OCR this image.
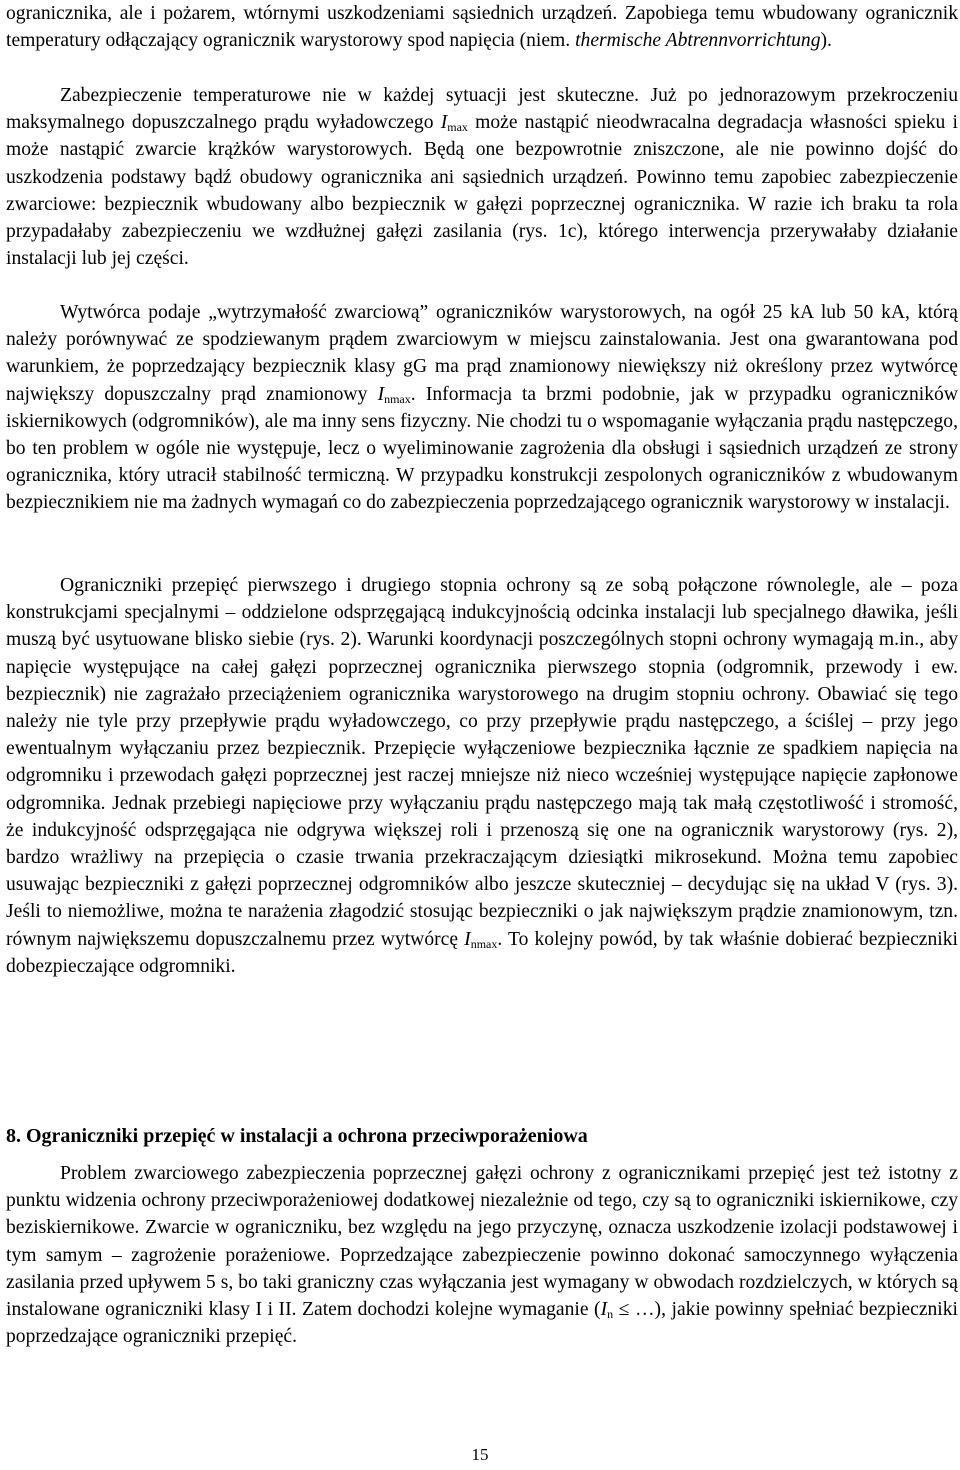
ogranicznika, ale i pożarem, wtórnymi uszkodzeniami sąsiednich urządzeń. Zapobiega temu wbudowany ogranicznik temperatury odłączający ogranicznik warystorowy spod napięcia (niem. thermische Abtrennvorrichtung).

Zabezpieczenie temperaturowe nie w każdej sytuacji jest skuteczne. Już po jednorazowym przekroczeniu maksymalnego dopuszczalnego prądu wyładowczego $I_{max}$ może nastąpić nieodwracalna degradacja własności spieku i może nastąpić zwarcie krążków warystorowych. Będą one bezpowrotnie zniszczone, ale nie powinno dojść do uszkodzenia podstawy bądź obudowy ogranicznika ani sąsiednich urządzeń. Powinno temu zapobiec zabezpieczenie zwarciowe: bezpiecznik wbudowany albo bezpiecznik w gałęzi poprzecznej ogranicznika. W razie ich braku ta rola przypadałaby zabezpieczeniu we wzdłużnej gałęzi zasilania (rys. 1c), którego interwencja przerywałaby działanie instalacji lub jej części.

Wytwórca podaje „wytrzymałość zwarciową” ograniczników warystorowych, na ogół 25 kA lub 50 kA, którą należy porównywać ze spodziewanym prądem zwarciowym w miejscu zainstalowania. Jest ona gwarantowana pod warunkiem, że poprzedzający bezpiecznik klasy gG ma prąd znamionowy niewiększy niż określony przez wytwórcę największy dopuszczalny prąd znamionowy $I_{nmax}$. Informacja ta brzmi podobnie, jak w przypadku ograniczników iskiernikowych (odgromników), ale ma inny sens fizyczny. Nie chodzi tu o wspomaganie wyłączania prądu następczego, bo ten problem w ogóle nie występuje, lecz o wyeliminowanie zagrożenia dla obsługi i sąsiednich urządzeń ze strony ogranicznika, który utracił stabilność termiczną. W przypadku konstrukcji zespolonych ograniczników z wbudowanym bezpiecznikiem nie ma żadnych wymagań co do zabezpieczenia poprzedzającego ogranicznik warystorowy w instalacji.

Ograniczniki przepięć pierwszego i drugiego stopnia ochrony są ze sobą połączone równolegle, ale – poza konstrukcjami specjalnymi – oddzielone odsprzęgającą indukcyjnością odcinka instalacji lub specjalnego dławika, jeśli muszą być usytuowane blisko siebie (rys. 2). Warunki koordynacji poszczególnych stopni ochrony wymagają m.in., aby napięcie występujące na całej gałęzi poprzecznej ogranicznika pierwszego stopnia (odgromnik, przewody i ew. bezpiecznik) nie zagrażało przeciążeniem ogranicznika warystorowego na drugim stopniu ochrony. Obawiać się tego należy nie tyle przy przepływie prądu wyładowczego, co przy przepływie prądu następczego, a ściślej – przy jego ewentualnym wyłączaniu przez bezpiecznik. Przepięcie wyłączeniowe bezpiecznika łącznie ze spadkiem napięcia na odgromniku i przewodach gałęzi poprzecznej jest raczej mniejsze niż nieco wcześniej występujące napięcie zapłonowe odgromnika. Jednak przebiegi napięciowe przy wyłączaniu prądu następczego mają tak małą częstotliwość i stromość, że indukcyjność odsprzęgająca nie odgrywa większej roli i przenoszą się one na ogranicznik warystorowy (rys. 2), bardzo wrażliwy na przepięcia o czasie trwania przekraczającym dziesiątki mikrosekund. Można temu zapobiec usuwając bezpieczniki z gałęzi poprzecznej odgromników albo jeszcze skuteczniej – decydując się na układ V (rys. 3). Jeśli to niemożliwe, można te narażenia złagodzić stosując bezpieczniki o jak największym prądzie znamionowym, tzn. równym największemu dopuszczalnemu przez wytwórcę $I_{nmax}$. To kolejny powód, by tak właśnie dobierać bezpieczniki dobezpieczające odgromniki.

8. Ograniczniki przepięć w instalacji a ochrona przeciwporażeniowa

Problem zwarciowego zabezpieczenia poprzecznej gałęzi ochrony z ogranicznikami przepięć jest też istotny z punktu widzenia ochrony przeciwporażeniowej dodatkowej niezależnie od tego, czy są to ograniczniki iskiernikowe, czy beziskiernikowe. Zwarcie w ograniczniku, bez względu na jego przyczynę, oznacza uszkodzenie izolacji podstawowej i tym samym – zagrożenie porażeniowe. Poprzedzające zabezpieczenie powinno dokonać samoczynnego wyłączenia zasilania przed upływem 5 s, bo taki graniczny czas wyłączania jest wymagany w obwodach rozdzielczych, w których są instalowane ograniczniki klasy I i II. Zatem dochodzi kolejne wymaganie ($I_n$ ≤ …), jakie powinny spełniać bezpieczniki poprzedzające ograniczniki przepięć.

15
